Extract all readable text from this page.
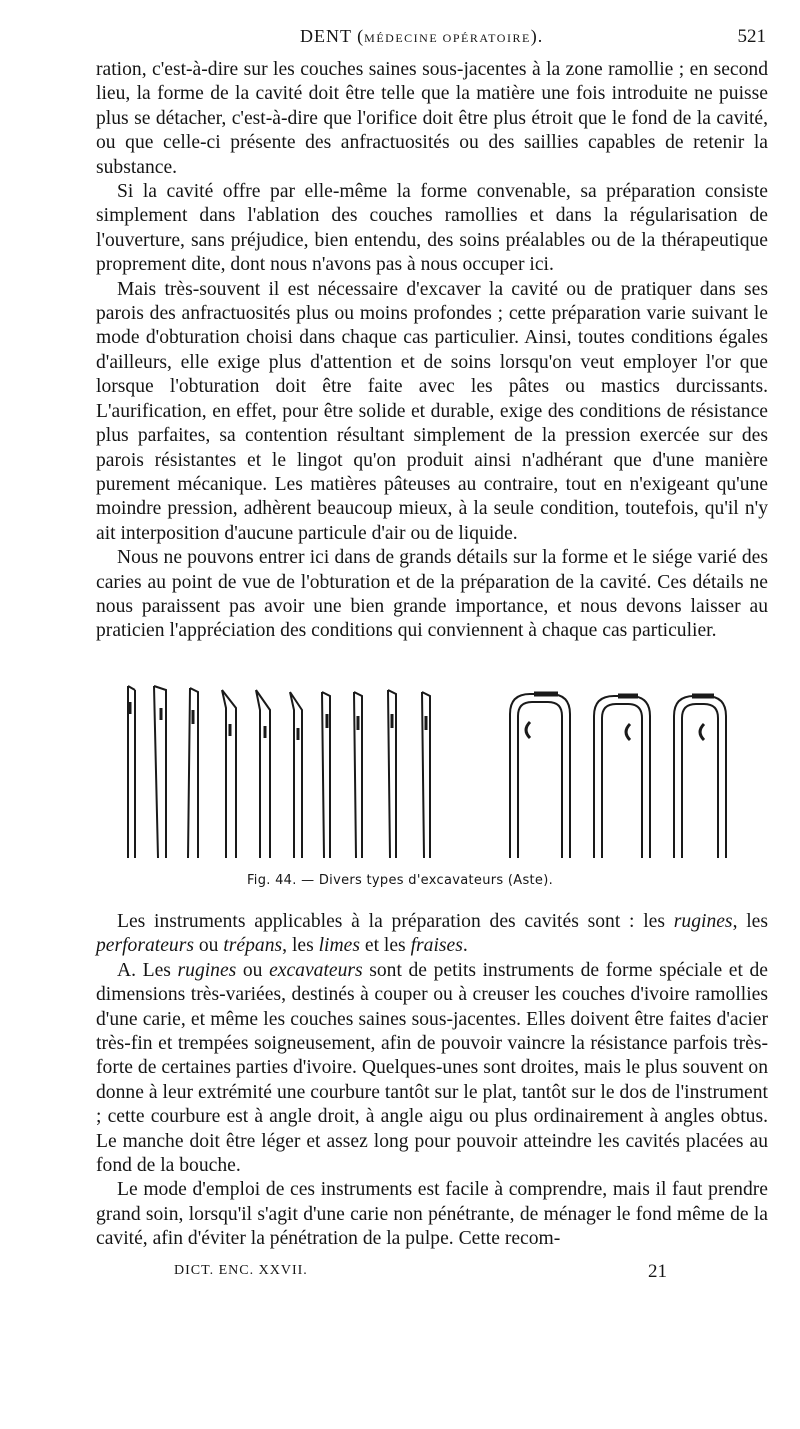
DENT (MÉDECINE OPÉRATOIRE).	521

ration, c'est-à-dire sur les couches saines sous-jacentes à la zone ramollie ; en second lieu, la forme de la cavité doit être telle que la matière une fois introduite ne puisse plus se détacher, c'est-à-dire que l'orifice doit être plus étroit que le fond de la cavité, ou que celle-ci présente des anfractuosités ou des saillies capables de retenir la substance.

Si la cavité offre par elle-même la forme convenable, sa préparation consiste simplement dans l'ablation des couches ramollies et dans la régularisation de l'ouverture, sans préjudice, bien entendu, des soins préalables ou de la thérapeutique proprement dite, dont nous n'avons pas à nous occuper ici.

Mais très-souvent il est nécessaire d'excaver la cavité ou de pratiquer dans ses parois des anfractuosités plus ou moins profondes ; cette préparation varie suivant le mode d'obturation choisi dans chaque cas particulier. Ainsi, toutes conditions égales d'ailleurs, elle exige plus d'attention et de soins lorsqu'on veut employer l'or que lorsque l'obturation doit être faite avec les pâtes ou mastics durcissants. L'aurification, en effet, pour être solide et durable, exige des conditions de résistance plus parfaites, sa contention résultant simplement de la pression exercée sur des parois résistantes et le lingot qu'on produit ainsi n'adhérant que d'une manière purement mécanique. Les matières pâteuses au contraire, tout en n'exigeant qu'une moindre pression, adhèrent beaucoup mieux, à la seule condition, toutefois, qu'il n'y ait interposition d'aucune particule d'air ou de liquide.

Nous ne pouvons entrer ici dans de grands détails sur la forme et le siége varié des caries au point de vue de l'obturation et de la préparation de la cavité. Ces détails ne nous paraissent pas avoir une bien grande importance, et nous devons laisser au praticien l'appréciation des conditions qui conviennent à chaque cas particulier.

Fig. 44. — Divers types d'excavateurs (Aste).

Les instruments applicables à la préparation des cavités sont : les rugines, les perforateurs ou trépans, les limes et les fraises.

A. Les rugines ou excavateurs sont de petits instruments de forme spéciale et de dimensions très-variées, destinés à couper ou à creuser les couches d'ivoire ramollies d'une carie, et même les couches saines sous-jacentes. Elles doivent être faites d'acier très-fin et trempées soigneusement, afin de pouvoir vaincre la résistance parfois très-forte de certaines parties d'ivoire. Quelques-unes sont droites, mais le plus souvent on donne à leur extrémité une courbure tantôt sur le plat, tantôt sur le dos de l'instrument ; cette courbure est à angle droit, à angle aigu ou plus ordinairement à angles obtus. Le manche doit être léger et assez long pour pouvoir atteindre les cavités placées au fond de la bouche.

Le mode d'emploi de ces instruments est facile à comprendre, mais il faut prendre grand soin, lorsqu'il s'agit d'une carie non pénétrante, de ménager le fond même de la cavité, afin d'éviter la pénétration de la pulpe. Cette recom-

DICT. ENC. XXVII.	21
